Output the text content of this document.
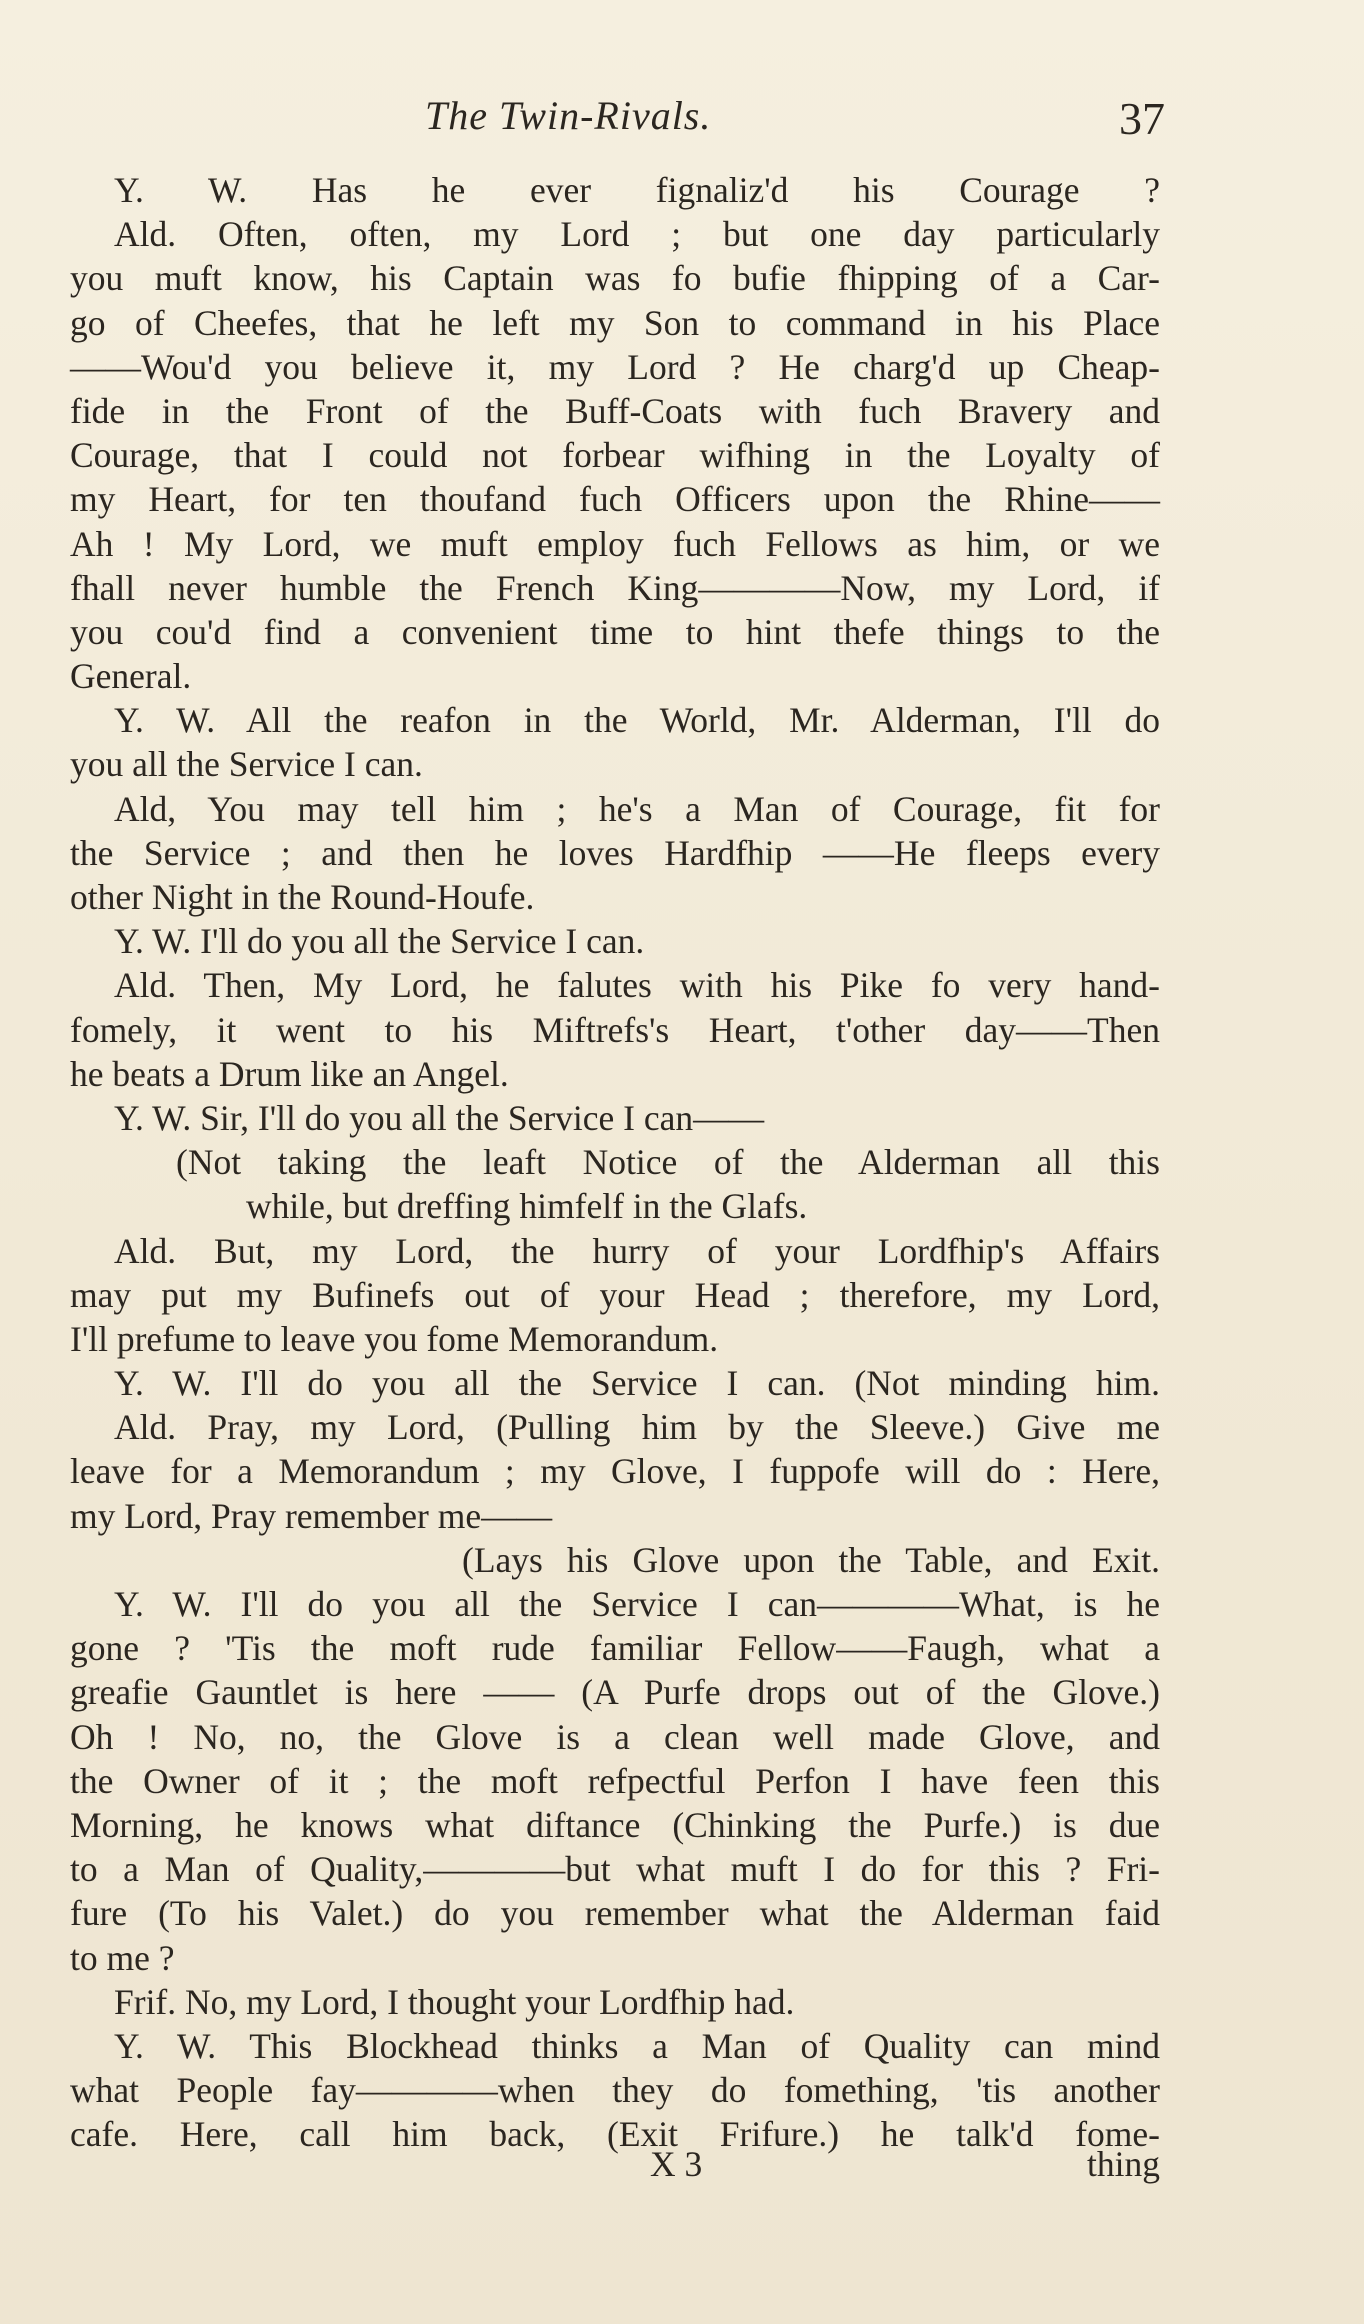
The Twin-Rivals.	37
Y. W. Has he ever fignaliz'd his Courage ?
Ald. Often, often, my Lord ; but one day particularly
you muft know, his Captain was fo bufie fhipping of a Car-
go of Cheefes, that he left my Son to command in his Place
——Wou'd you believe it, my Lord ? He charg'd up Cheap-
fide in the Front of the Buff-Coats with fuch Bravery and
Courage, that I could not forbear wifhing in the Loyalty of
my Heart, for ten thoufand fuch Officers upon the Rhine——
Ah ! My Lord, we muft employ fuch Fellows as him, or we
fhall never humble the French King————Now, my Lord, if
you cou'd find a convenient time to hint thefe things to the
General.
Y. W. All the reafon in the World, Mr. Alderman, I'll do
you all the Service I can.
Ald, You may tell him ; he's a Man of Courage, fit for
the Service ; and then he loves Hardfhip ——He fleeps every
other Night in the Round-Houfe.
Y. W. I'll do you all the Service I can.
Ald. Then, My Lord, he falutes with his Pike fo very hand-
fomely, it went to his Miftrefs's Heart, t'other day——Then
he beats a Drum like an Angel.
Y. W. Sir, I'll do you all the Service I can——
(Not taking the leaft Notice of the Alderman all this
while, but dreffing himfelf in the Glafs.
Ald. But, my Lord, the hurry of your Lordfhip's Affairs
may put my Bufinefs out of your Head ; therefore, my Lord,
I'll prefume to leave you fome Memorandum.
Y. W. I'll do you all the Service I can. (Not minding him.
Ald. Pray, my Lord, (Pulling him by the Sleeve.) Give me
leave for a Memorandum ; my Glove, I fuppofe will do : Here,
my Lord, Pray remember me——
(Lays his Glove upon the Table, and Exit.
Y. W. I'll do you all the Service I can————What, is he
gone ? 'Tis the moft rude familiar Fellow——Faugh, what a
greafie Gauntlet is here —— (A Purfe drops out of the Glove.)
Oh ! No, no, the Glove is a clean well made Glove, and
the Owner of it ; the moft refpectful Perfon I have feen this
Morning, he knows what diftance (Chinking the Purfe.) is due
to a Man of Quality,————but what muft I do for this ? Fri-
fure (To his Valet.) do you remember what the Alderman faid
to me ?
Frif. No, my Lord, I thought your Lordfhip had.
Y. W. This Blockhead thinks a Man of Quality can mind
what People fay————when they do fomething, 'tis another
cafe. Here, call him back, (Exit Frifure.) he talk'd fome-
X 3	thing
